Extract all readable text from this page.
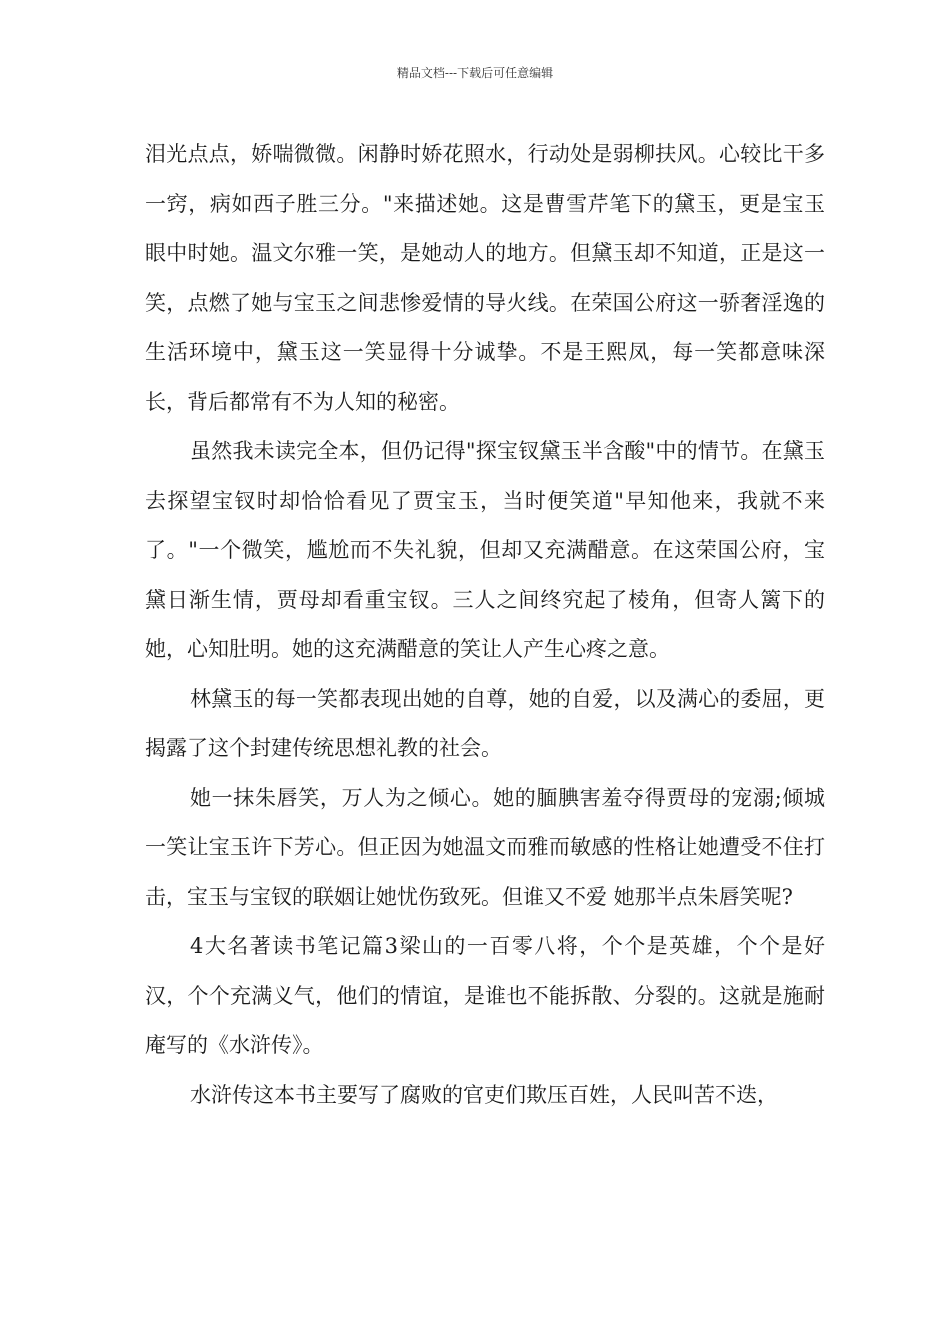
精品文档---下载后可任意编辑

泪光点点，娇喘微微。闲静时娇花照水，行动处是弱柳扶风。心较比干多一窍，病如西子胜三分。"来描述她。这是曹雪芹笔下的黛玉，更是宝玉眼中时她。温文尔雅一笑，是她动人的地方。但黛玉却不知道，正是这一笑，点燃了她与宝玉之间悲惨爱情的导火线。在荣国公府这一骄奢淫逸的生活环境中，黛玉这一笑显得十分诚挚。不是王熙凤，每一笑都意味深长，背后都常有不为人知的秘密。

虽然我未读完全本，但仍记得"探宝钗黛玉半含酸"中的情节。在黛玉去探望宝钗时却恰恰看见了贾宝玉，当时便笑道"早知他来，我就不来了。"一个微笑，尴尬而不失礼貌，但却又充满醋意。在这荣国公府，宝黛日渐生情，贾母却看重宝钗。三人之间终究起了棱角，但寄人篱下的她，心知肚明。她的这充满醋意的笑让人产生心疼之意。

林黛玉的每一笑都表现出她的自尊，她的自爱，以及满心的委屈，更揭露了这个封建传统思想礼教的社会。

她一抹朱唇笑，万人为之倾心。她的腼腆害羞夺得贾母的宠溺;倾城一笑让宝玉许下芳心。但正因为她温文而雅而敏感的性格让她遭受不住打击，宝玉与宝钗的联姻让她忧伤致死。但谁又不爱 她那半点朱唇笑呢?

4大名著读书笔记篇3梁山的一百零八将，个个是英雄，个个是好汉，个个充满义气，他们的情谊，是谁也不能拆散、分裂的。这就是施耐庵写的《水浒传》。

水浒传这本书主要写了腐败的官吏们欺压百姓，人民叫苦不迭，
